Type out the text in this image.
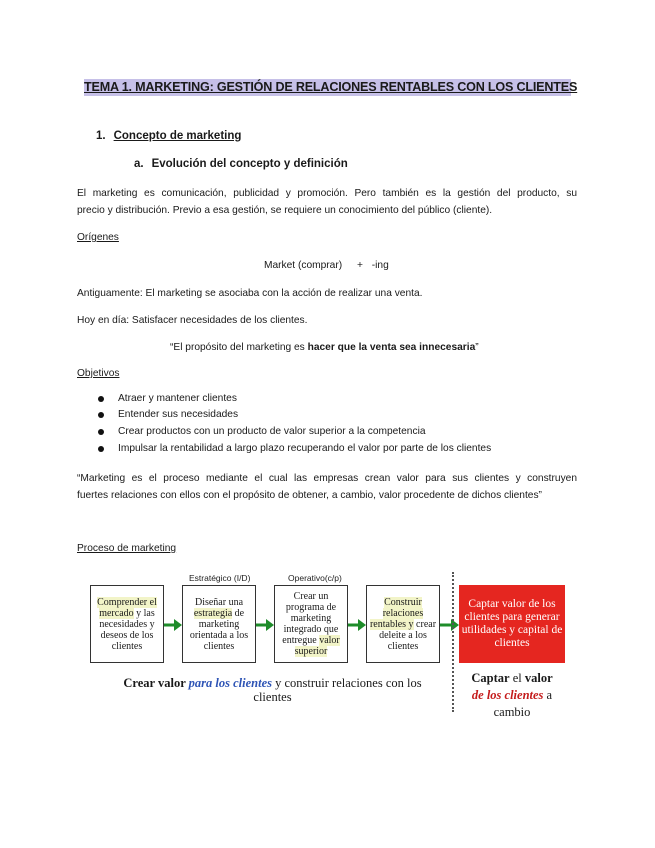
TEMA 1. MARKETING: GESTIÓN DE RELACIONES RENTABLES CON LOS CLIENTES
1. Concepto de marketing
a. Evolución del concepto y definición
El marketing es comunicación, publicidad y promoción. Pero también es la gestión del producto, su
precio y distribución. Previo a esa gestión, se requiere un conocimiento del público (cliente).
Orígenes
Market (comprar) + -ing
Antiguamente: El marketing se asociaba con la acción de realizar una venta.
Hoy en día: Satisfacer necesidades de los clientes.
“El propósito del marketing es hacer que la venta sea innecesaria”
Objetivos
Atraer y mantener clientes
Entender sus necesidades
Crear productos con un producto de valor superior a la competencia
Impulsar la rentabilidad a largo plazo recuperando el valor por parte de los clientes
“Marketing es el proceso mediante el cual las empresas crean valor para sus clientes y construyen
fuertes relaciones con ellos con el propósito de obtener, a cambio, valor procedente de dichos clientes”
Proceso de marketing
Estratégico (I/D)	Operativo(c/p)
Comprender el mercado y las necesidades y deseos de los clientes
Diseñar una estrategia de marketing orientada a los clientes
Crear un programa de marketing integrado que entregue valor superior
Construir relaciones rentables y crear deleite a los clientes
Captar valor de los clientes para generar utilidades y capital de clientes
Crear valor para los clientes y construir relaciones con los clientes
Captar el valor
de los clientes a cambio
